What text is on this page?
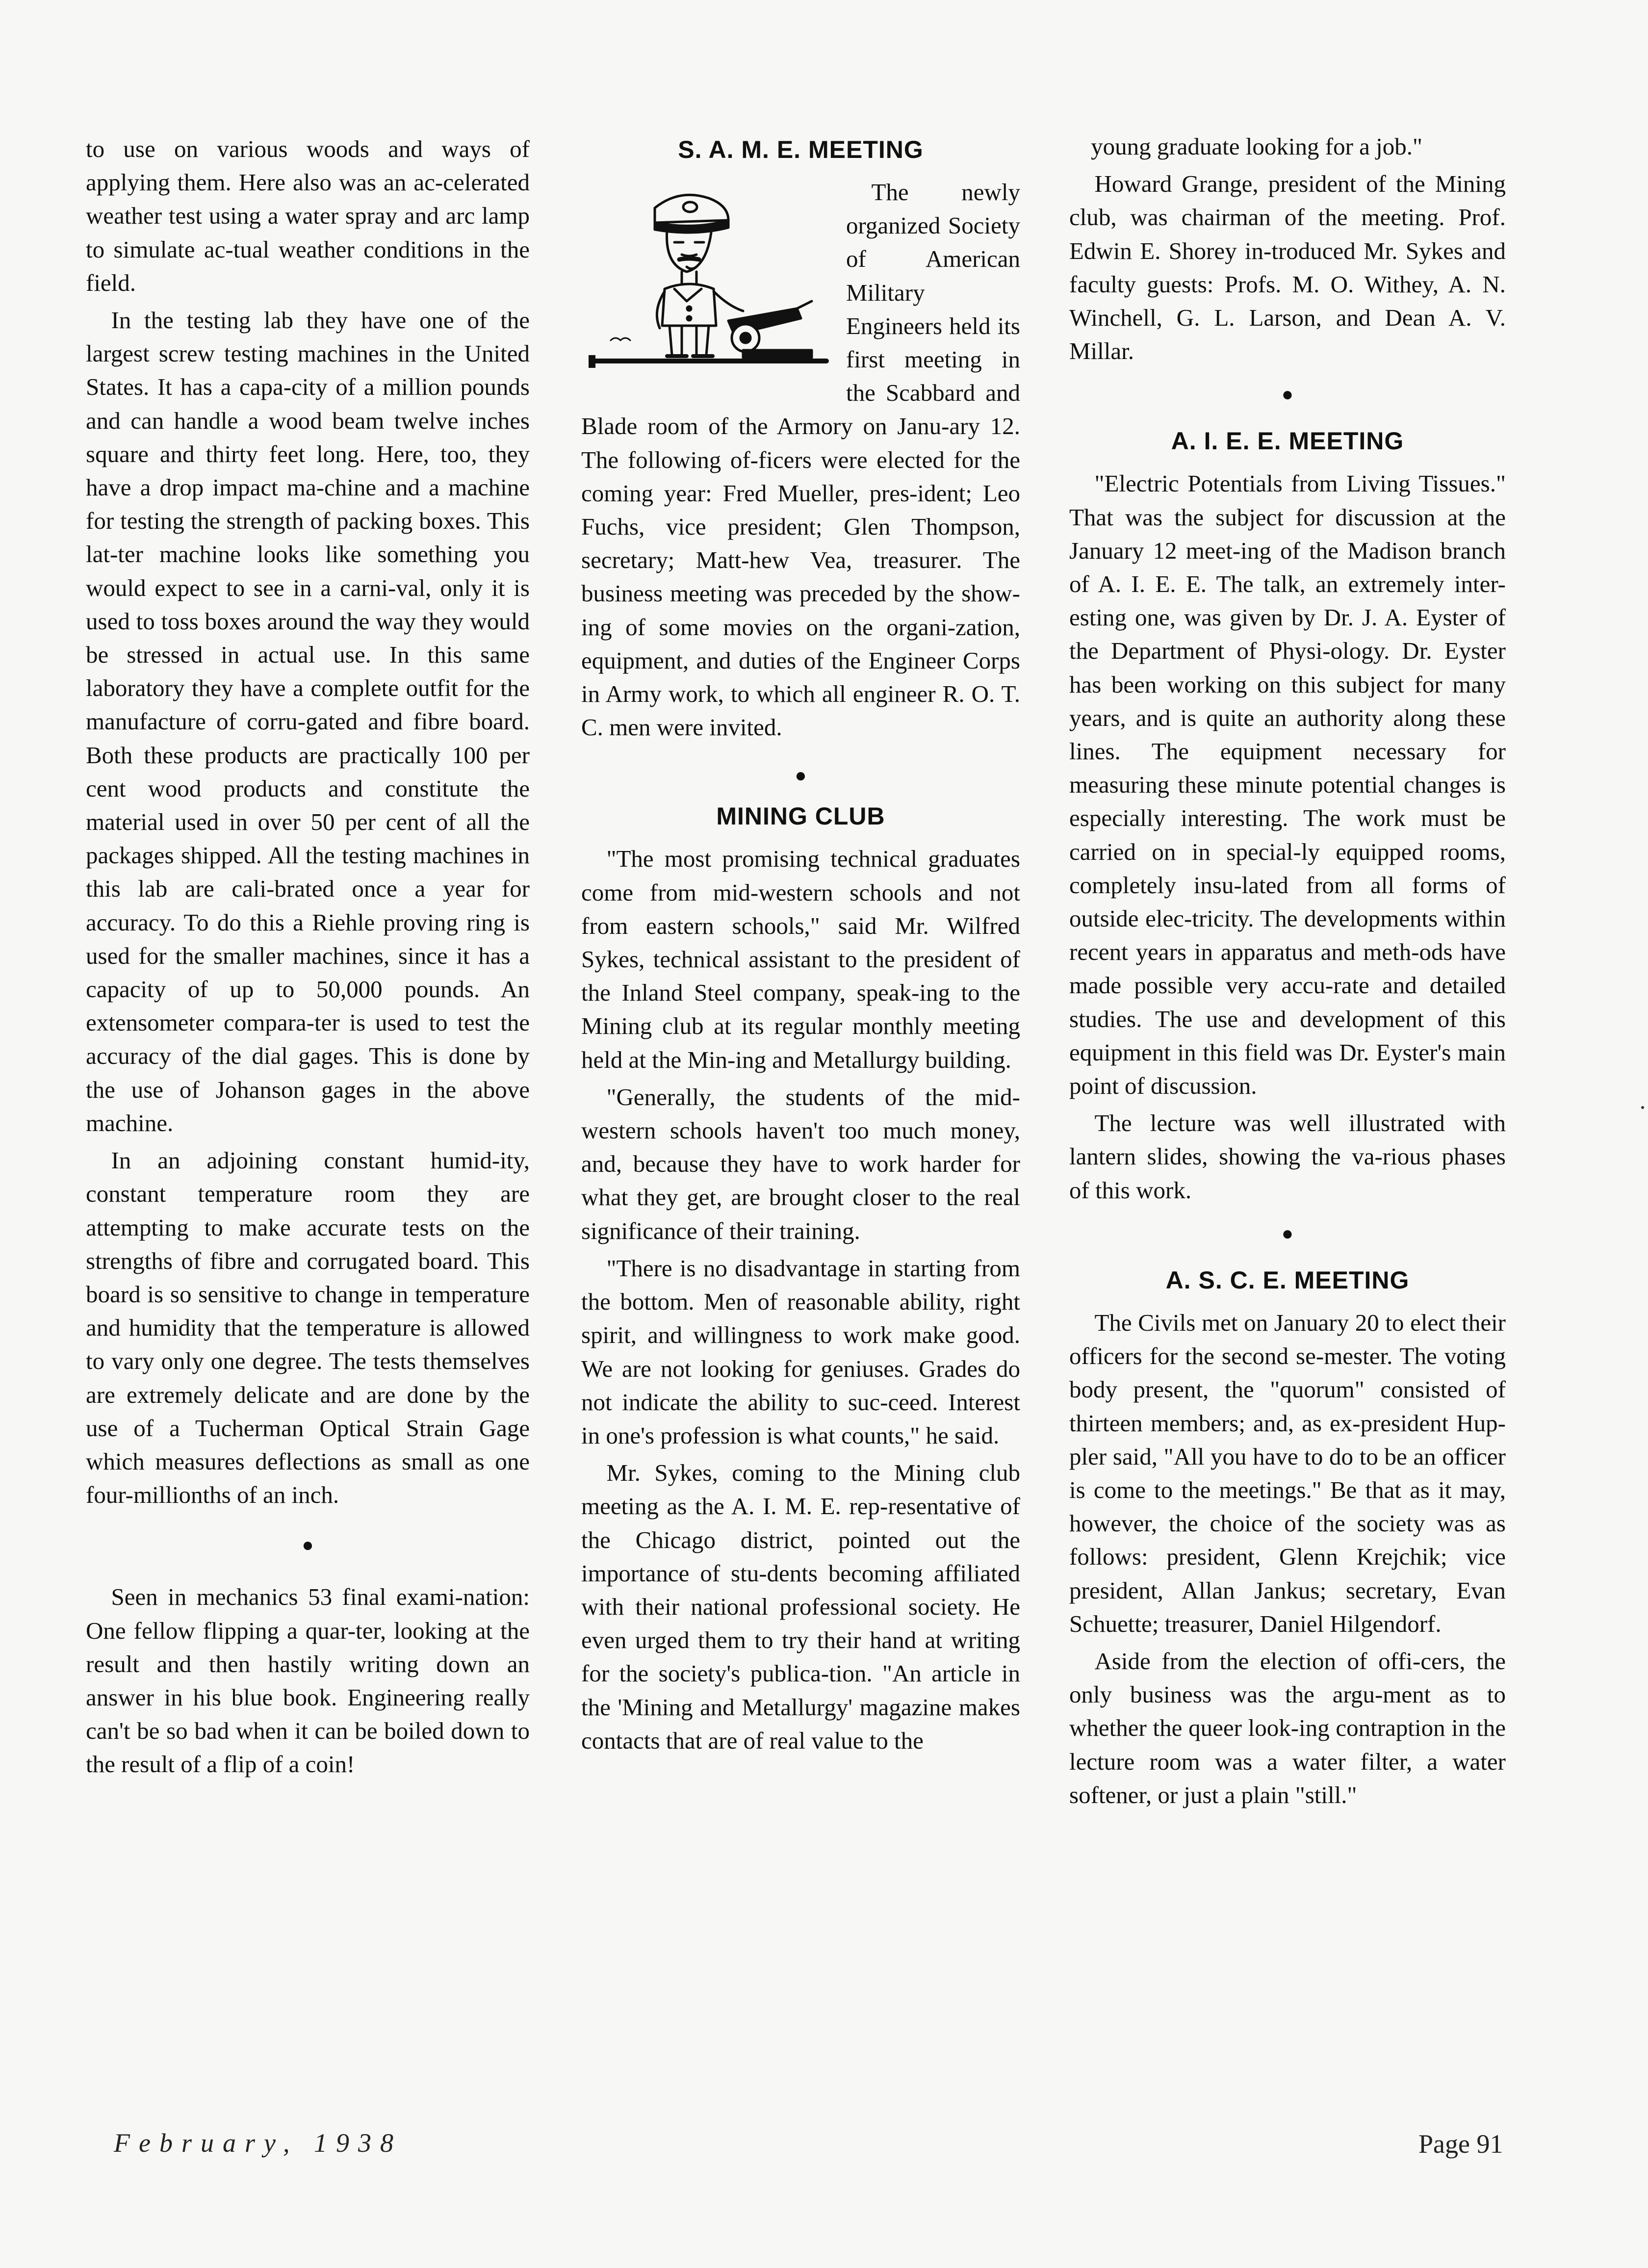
to use on various woods and ways of applying them. Here also was an ac-celerated weather test using a water spray and arc lamp to simulate ac-tual weather conditions in the field.

In the testing lab they have one of the largest screw testing machines in the United States. It has a capa-city of a million pounds and can handle a wood beam twelve inches square and thirty feet long. Here, too, they have a drop impact ma-chine and a machine for testing the strength of packing boxes. This lat-ter machine looks like something you would expect to see in a carni-val, only it is used to toss boxes around the way they would be stressed in actual use. In this same laboratory they have a complete outfit for the manufacture of corru-gated and fibre board. Both these products are practically 100 per cent wood products and constitute the material used in over 50 per cent of all the packages shipped. All the testing machines in this lab are cali-brated once a year for accuracy. To do this a Riehle proving ring is used for the smaller machines, since it has a capacity of up to 50,000 pounds. An extensometer compara-ter is used to test the accuracy of the dial gages. This is done by the use of Johanson gages in the above machine.

In an adjoining constant humid-ity, constant temperature room they are attempting to make accurate tests on the strengths of fibre and corrugated board. This board is so sensitive to change in temperature and humidity that the temperature is allowed to vary only one degree. The tests themselves are extremely delicate and are done by the use of a Tucherman Optical Strain Gage which measures deflections as small as one four-millionths of an inch.

●

Seen in mechanics 53 final exami-nation: One fellow flipping a quar-ter, looking at the result and then hastily writing down an answer in his blue book. Engineering really can't be so bad when it can be boiled down to the result of a flip of a coin!

S. A. M. E. MEETING

The newly organized Society of American Military Engineers held its first meeting in the Scabbard and Blade room of the Armory on Janu-ary 12. The following of-ficers were elected for the coming year: Fred Mueller, pres-ident; Leo Fuchs, vice president; Glen Thompson, secretary; Matt-hew Vea, treasurer. The business meeting was preceded by the show-ing of some movies on the organi-zation, equipment, and duties of the Engineer Corps in Army work, to which all engineer R. O. T. C. men were invited.

●
MINING CLUB

"The most promising technical graduates come from mid-western schools and not from eastern schools," said Mr. Wilfred Sykes, technical assistant to the president of the Inland Steel company, speak-ing to the Mining club at its regular monthly meeting held at the Min-ing and Metallurgy building.

"Generally, the students of the mid-western schools haven't too much money, and, because they have to work harder for what they get, are brought closer to the real significance of their training.

"There is no disadvantage in starting from the bottom. Men of reasonable ability, right spirit, and willingness to work make good. We are not looking for geniuses. Grades do not indicate the ability to suc-ceed. Interest in one's profession is what counts," he said.

Mr. Sykes, coming to the Mining club meeting as the A. I. M. E. rep-resentative of the Chicago district, pointed out the importance of stu-dents becoming affiliated with their national professional society. He even urged them to try their hand at writing for the society's publica-tion. "An article in the 'Mining and Metallurgy' magazine makes contacts that are of real value to the

young graduate looking for a job."

Howard Grange, president of the Mining club, was chairman of the meeting. Prof. Edwin E. Shorey in-troduced Mr. Sykes and faculty guests: Profs. M. O. Withey, A. N. Winchell, G. L. Larson, and Dean A. V. Millar.

●
A. I. E. E. MEETING

"Electric Potentials from Living Tissues." That was the subject for discussion at the January 12 meet-ing of the Madison branch of A. I. E. E. The talk, an extremely inter-esting one, was given by Dr. J. A. Eyster of the Department of Physi-ology. Dr. Eyster has been working on this subject for many years, and is quite an authority along these lines. The equipment necessary for measuring these minute potential changes is especially interesting. The work must be carried on in special-ly equipped rooms, completely insu-lated from all forms of outside elec-tricity. The developments within recent years in apparatus and meth-ods have made possible very accu-rate and detailed studies. The use and development of this equipment in this field was Dr. Eyster's main point of discussion.

The lecture was well illustrated with lantern slides, showing the va-rious phases of this work.

●
A. S. C. E. MEETING

The Civils met on January 20 to elect their officers for the second se-mester. The voting body present, the "quorum" consisted of thirteen members; and, as ex-president Hup-pler said, "All you have to do to be an officer is come to the meetings." Be that as it may, however, the choice of the society was as follows: president, Glenn Krejchik; vice president, Allan Jankus; secretary, Evan Schuette; treasurer, Daniel Hilgendorf.

Aside from the election of offi-cers, the only business was the argu-ment as to whether the queer look-ing contraption in the lecture room was a water filter, a water softener, or just a plain "still."

February, 1938	Page 91
